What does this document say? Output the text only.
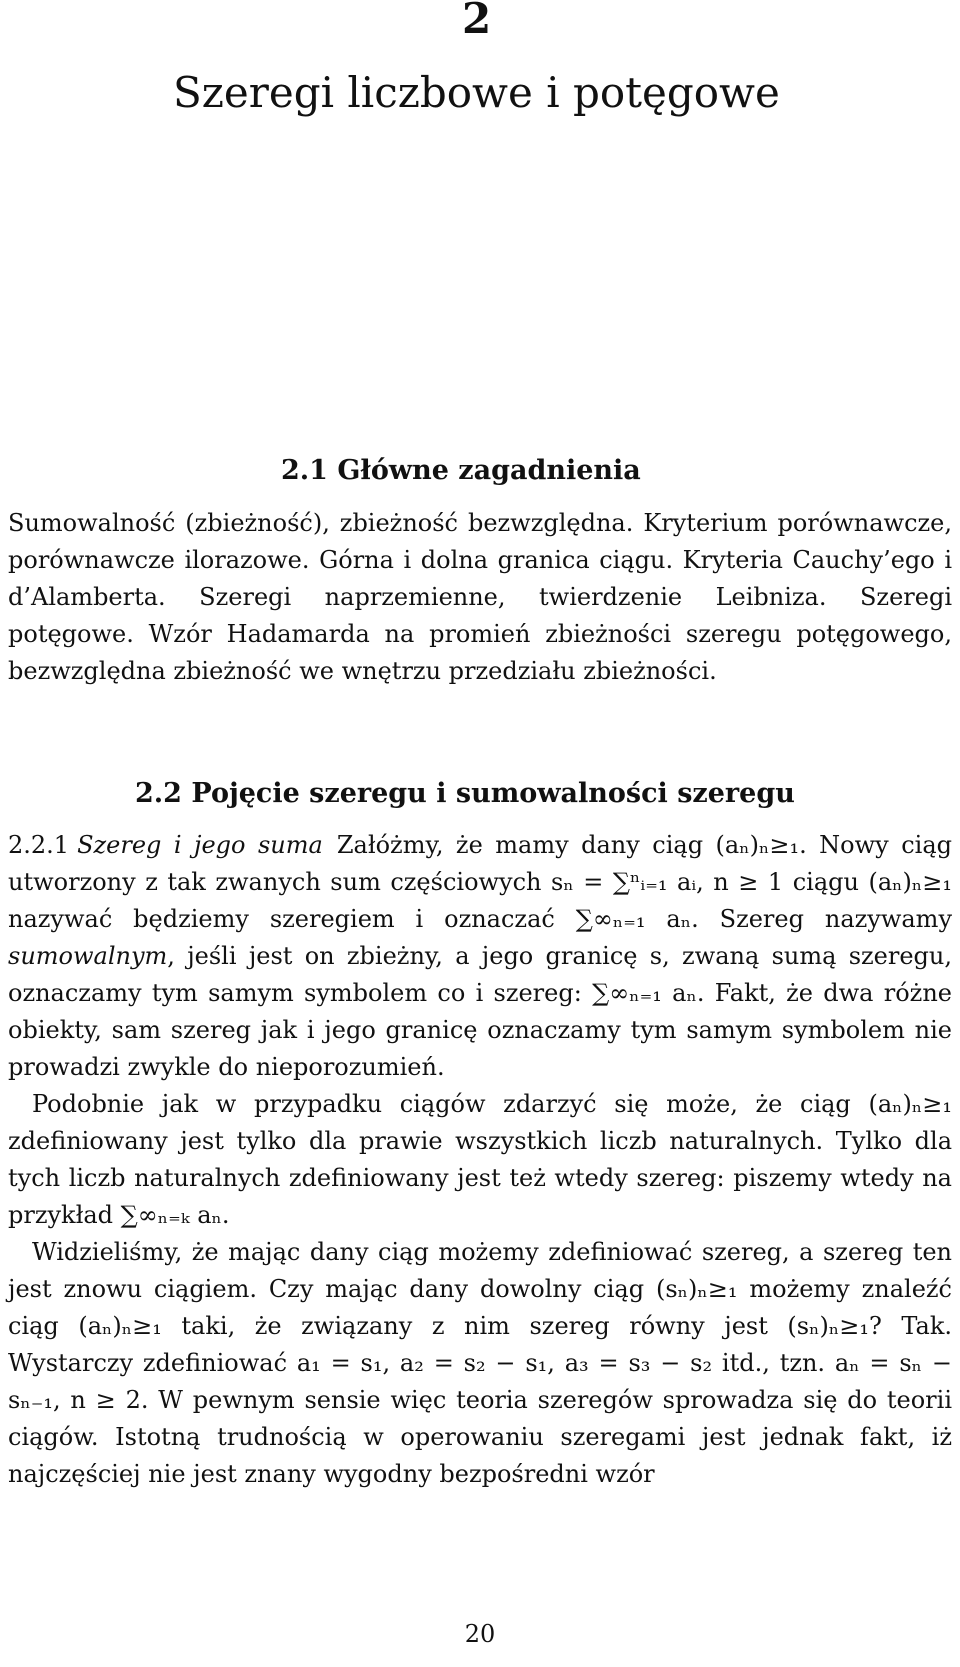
2
Szeregi liczbowe i potęgowe
2.1 Główne zagadnienia

Sumowalność (zbieżność), zbieżność bezwzględna. Kryterium porównawcze, porównawcze ilorazowe. Górna i dolna granica ciągu. Kryteria Cauchy’ego i d’Alamberta. Szeregi naprzemienne, twierdzenie Leibniza. Szeregi potęgowe. Wzór Hadamarda na promień zbieżności szeregu potęgowego, bezwzględna zbieżność we wnętrzu przedziału zbieżności.

2.2 Pojęcie szeregu i sumowalności szeregu

2.2.1 Szereg i jego suma Załóżmy, że mamy dany ciąg (aₙ)ₙ≥₁. Nowy ciąg utworzony z tak zwanych sum częściowych sₙ = ∑ⁿᵢ₌₁ aᵢ, n ≥ 1 ciągu (aₙ)ₙ≥₁ nazywać będziemy szeregiem i oznaczać ∑∞ₙ₌₁ aₙ. Szereg nazywamy sumowalnym, jeśli jest on zbieżny, a jego granicę s, zwaną sumą szeregu, oznaczamy tym samym symbolem co i szereg: ∑∞ₙ₌₁ aₙ. Fakt, że dwa różne obiekty, sam szereg jak i jego granicę oznaczamy tym samym symbolem nie prowadzi zwykle do nieporozumień.

Podobnie jak w przypadku ciągów zdarzyć się może, że ciąg (aₙ)ₙ≥₁ zdefiniowany jest tylko dla prawie wszystkich liczb naturalnych. Tylko dla tych liczb naturalnych zdefiniowany jest też wtedy szereg: piszemy wtedy na przykład ∑∞ₙ₌ₖ aₙ.

Widzieliśmy, że mając dany ciąg możemy zdefiniować szereg, a szereg ten jest znowu ciągiem. Czy mając dany dowolny ciąg (sₙ)ₙ≥₁ możemy znaleźć ciąg (aₙ)ₙ≥₁ taki, że związany z nim szereg równy jest (sₙ)ₙ≥₁? Tak. Wystarczy zdefiniować a₁ = s₁, a₂ = s₂ − s₁, a₃ = s₃ − s₂ itd., tzn. aₙ = sₙ − sₙ₋₁, n ≥ 2. W pewnym sensie więc teoria szeregów sprowadza się do teorii ciągów. Istotną trudnością w operowaniu szeregami jest jednak fakt, iż najczęściej nie jest znany wygodny bezpośredni wzór

20
